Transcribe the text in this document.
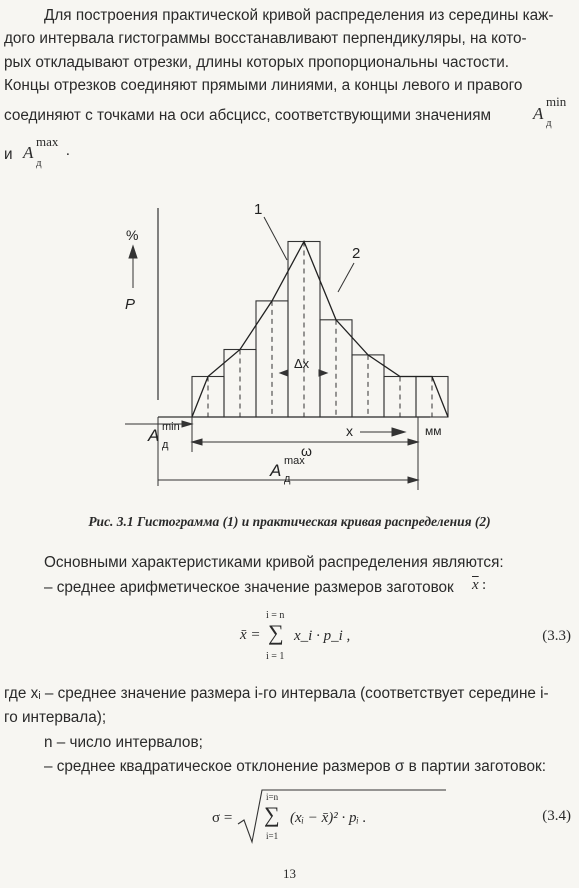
Для построения практической кривой распределения из середины каж-

дого интервала гистограммы восстанавливают перпендикуляры, на кото-

рых откладывают отрезки, длины которых пропорциональны частости.

Концы отрезков соединяют прямыми линиями, а концы левого и правого

соединяют с точками на оси абсцисс, соответствующими значениям	A
min
д
и A
max
д
.
1
2
%
P
Δx
x	мм
ω
A min
д
A max
д

Рис. 3.1 Гистограмма (1) и практическая кривая распределения (2)

Основными характеристиками кривой распределения являются:

– среднее арифметическое значение размеров заготовок	$\overline{x}$ :
x̄ =
i = n
∑
i = 1
x_i · p_i ,	(3.3)

где xᵢ – среднее значение размера i-го интервала (соответствует середине i-

го интервала);

n – число интервалов;

– среднее квадратическое отклонение размеров σ в партии заготовок:

σ =
i=n
∑
i=1
(xᵢ − x̄)² · pᵢ .	(3.4)
13
